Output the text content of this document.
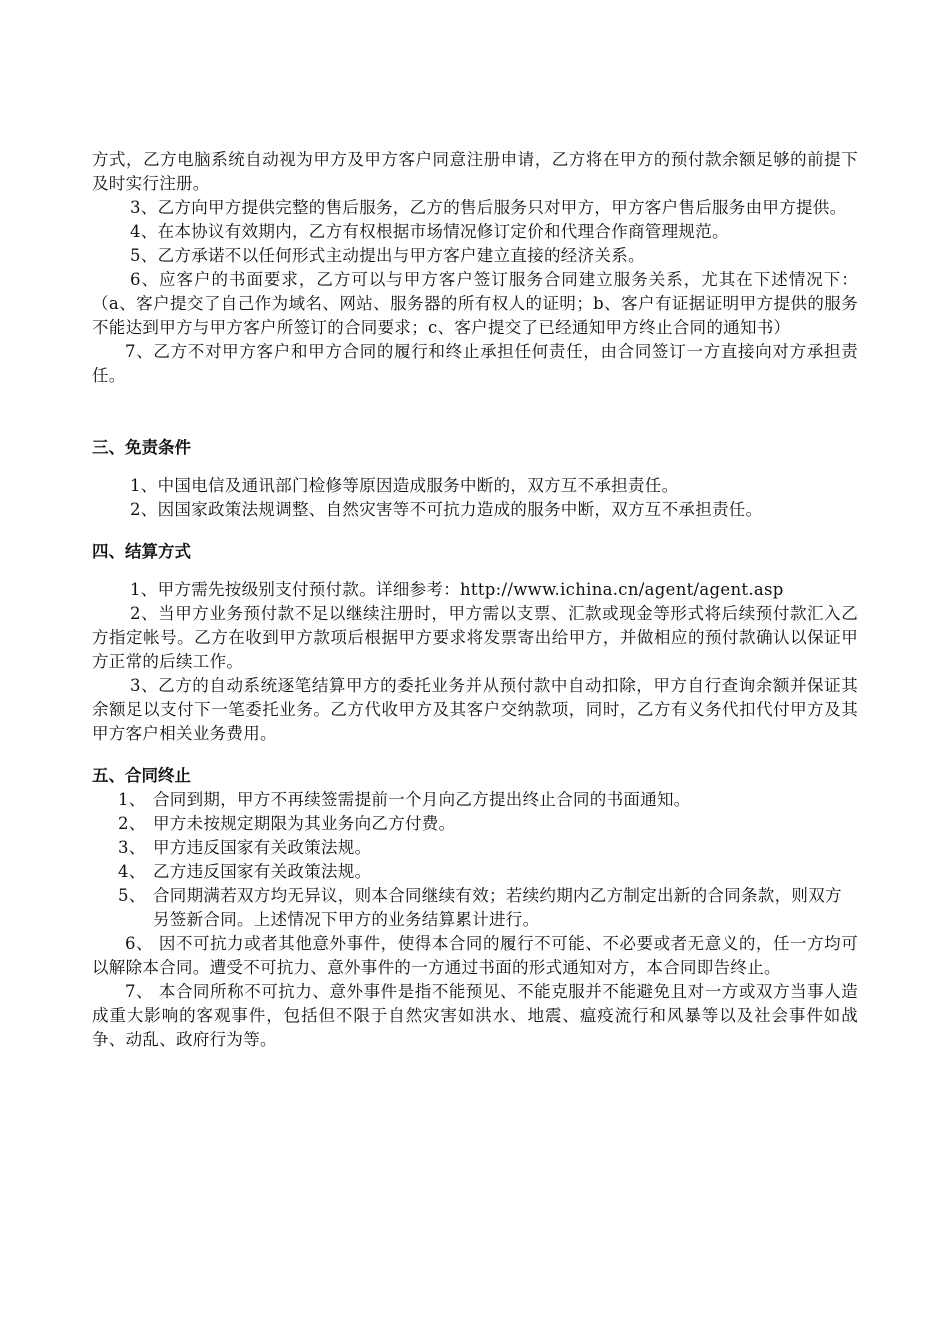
方式，乙方电脑系统自动视为甲方及甲方客户同意注册申请，乙方将在甲方的预付款余额足够的前提下及时实行注册。

3、乙方向甲方提供完整的售后服务，乙方的售后服务只对甲方，甲方客户售后服务由甲方提供。

4、在本协议有效期内，乙方有权根据市场情况修订定价和代理合作商管理规范。

5、乙方承诺不以任何形式主动提出与甲方客户建立直接的经济关系。

6、应客户的书面要求，乙方可以与甲方客户签订服务合同建立服务关系，尤其在下述情况下：（a、客户提交了自己作为域名、网站、服务器的所有权人的证明；b、客户有证据证明甲方提供的服务不能达到甲方与甲方客户所签订的合同要求；c、客户提交了已经通知甲方终止合同的通知书）

7、乙方不对甲方客户和甲方合同的履行和终止承担任何责任，由合同签订一方直接向对方承担责任。

三、免责条件

1、中国电信及通讯部门检修等原因造成服务中断的，双方互不承担责任。

2、因国家政策法规调整、自然灾害等不可抗力造成的服务中断，双方互不承担责任。

四、结算方式

1、甲方需先按级别支付预付款。详细参考：http://www.ichina.cn/agent/agent.asp

2、当甲方业务预付款不足以继续注册时，甲方需以支票、汇款或现金等形式将后续预付款汇入乙方指定帐号。乙方在收到甲方款项后根据甲方要求将发票寄出给甲方，并做相应的预付款确认以保证甲方正常的后续工作。

3、乙方的自动系统逐笔结算甲方的委托业务并从预付款中自动扣除，甲方自行查询余额并保证其余额足以支付下一笔委托业务。乙方代收甲方及其客户交纳款项，同时，乙方有义务代扣代付甲方及其甲方客户相关业务费用。

五、合同终止
1、 合同到期，甲方不再续签需提前一个月向乙方提出终止合同的书面通知。
2、 甲方未按规定期限为其业务向乙方付费。
3、 甲方违反国家有关政策法规。
4、 乙方违反国家有关政策法规。
5、 合同期满若双方均无异议，则本合同继续有效；若续约期内乙方制定出新的合同条款，则双方另签新合同。上述情况下甲方的业务结算累计进行。

6、 因不可抗力或者其他意外事件，使得本合同的履行不可能、不必要或者无意义的，任一方均可以解除本合同。遭受不可抗力、意外事件的一方通过书面的形式通知对方，本合同即告终止。

7、 本合同所称不可抗力、意外事件是指不能预见、不能克服并不能避免且对一方或双方当事人造成重大影响的客观事件，包括但不限于自然灾害如洪水、地震、瘟疫流行和风暴等以及社会事件如战争、动乱、政府行为等。
